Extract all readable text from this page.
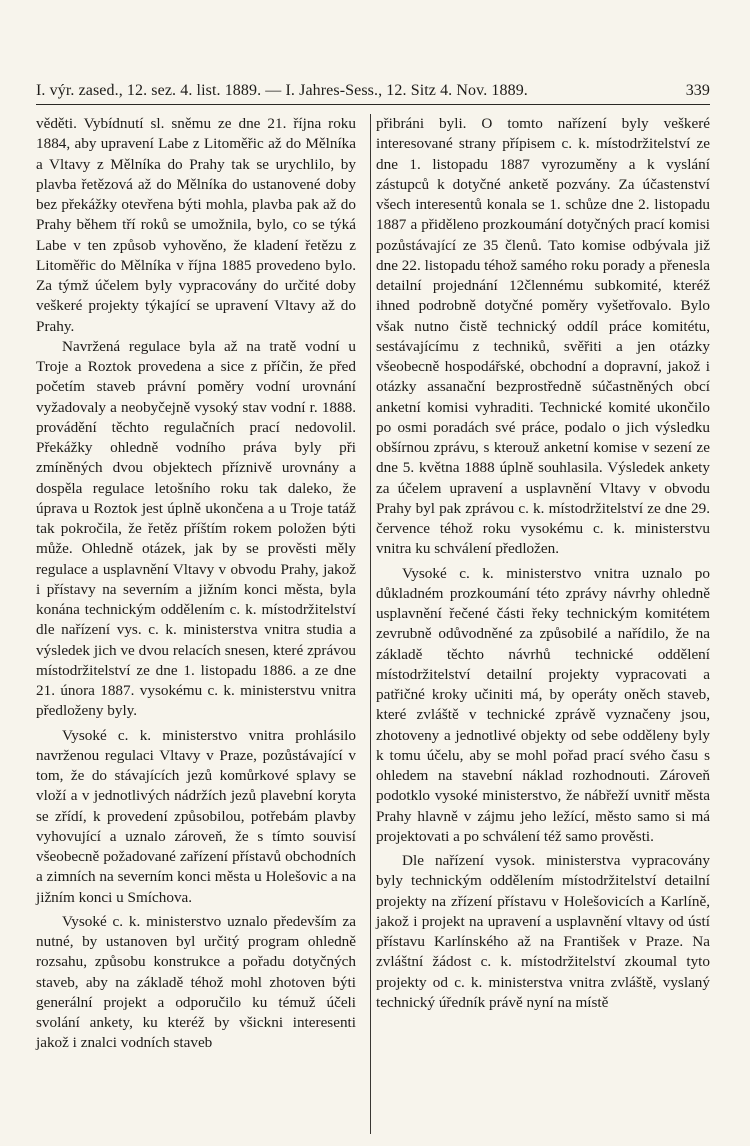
I. výr. zased., 12. sez. 4. list. 1889. — I. Jahres-Sess., 12. Sitz 4. Nov. 1889.	339

věděti. Vybídnutí sl. sněmu ze dne 21. října roku 1884, aby upravení Labe z Litoměřic až do Mělníka a Vltavy z Mělníka do Prahy tak se urychlilo, by plavba řetězová až do Mělníka do ustanovené doby bez překážky otevřena býti mohla, plavba pak až do Prahy během tří roků se umožnila, bylo, co se týká Labe v ten způsob vyhověno, že kladení řetězu z Litoměřic do Mělníka v října 1885 provedeno bylo. Za týmž účelem byly vypracovány do určité doby veškeré projekty týkající se upravení Vltavy až do Prahy.

Navržená regulace byla až na tratě vodní u Troje a Roztok provedena a sice z příčin, že před početím staveb právní poměry vodní urovnání vyžadovaly a neobyčejně vysoký stav vodní r. 1888. provádění těchto regulačních prací nedovolil. Překážky ohledně vodního práva byly při zmíněných dvou objektech příznivě urovnány a dospěla regulace letošního roku tak daleko, že úprava u Roztok jest úplně ukončena a u Troje tatáž tak pokročila, že řetěz příštím rokem položen býti může. Ohledně otázek, jak by se prověsti měly regulace a usplavnění Vltavy v obvodu Prahy, jakož i přístavy na severním a jižním konci města, byla konána technickým oddělením c. k. místodržitelství dle nařízení vys. c. k. ministerstva vnitra studia a výsledek jich ve dvou relacích snesen, které zprávou místodržitelství ze dne 1. listopadu 1886. a ze dne 21. února 1887. vysokému c. k. ministerstvu vnitra předloženy byly.

Vysoké c. k. ministerstvo vnitra prohlásilo navrženou regulaci Vltavy v Praze, pozůstávající v tom, že do stávajících jezů komůrkové splavy se vloží a v jednotlivých nádržích jezů plavební koryta se zřídí, k provedení způsobilou, potřebám plavby vyhovující a uznalo zároveň, že s tímto souvisí všeobecně požadované zařízení přístavů obchodních a zimních na severním konci města u Holešovic a na jižním konci u Smíchova.

Vysoké c. k. ministerstvo uznalo především za nutné, by ustanoven byl určitý program ohledně rozsahu, způsobu konstrukce a pořadu dotyčných staveb, aby na základě téhož mohl zhotoven býti generální projekt a odporučilo ku témuž účeli svolání ankety, ku kteréž by všickni interesenti jakož i znalci vodních staveb

přibráni byli. O tomto nařízení byly veškeré interesované strany přípisem c. k. místodržitelství ze dne 1. listopadu 1887 vyrozuměny a k vyslání zástupců k dotyčné anketě pozvány. Za účastenství všech interesentů konala se 1. schůze dne 2. listopadu 1887 a přiděleno prozkoumání dotyčných prací komisi pozůstávající ze 35 členů. Tato komise odbývala již dne 22. listopadu téhož samého roku porady a přenesla detailní projednání 12člennému subkomité, kteréž ihned podrobně dotyčné poměry vyšetřovalo. Bylo však nutno čistě technický oddíl práce komitétu, sestávajícímu z techniků, svěřiti a jen otázky všeobecně hospodářské, obchodní a dopravní, jakož i otázky assanační bezprostředně súčastněných obcí anketní komisi vyhraditi. Technické komité ukončilo po osmi poradách své práce, podalo o jich výsledku obšírnou zprávu, s kterouž anketní komise v sezení ze dne 5. května 1888 úplně souhlasila. Výsledek ankety za účelem upravení a usplavnění Vltavy v obvodu Prahy byl pak zprávou c. k. místodržitelství ze dne 29. července téhož roku vysokému c. k. ministerstvu vnitra ku schválení předložen.

Vysoké c. k. ministerstvo vnitra uznalo po důkladném prozkoumání této zprávy návrhy ohledně usplavnění řečené části řeky technickým komitétem zevrubně odůvodněné za způsobilé a nařídilo, že na základě těchto návrhů technické oddělení místodržitelství detailní projekty vypracovati a patřičné kroky učiniti má, by operáty oněch staveb, které zvláště v technické zprávě vyznačeny jsou, zhotoveny a jednotlivé objekty od sebe odděleny byly k tomu účelu, aby se mohl pořad prací svého času s ohledem na stavební náklad rozhodnouti. Zároveň podotklo vysoké ministerstvo, že nábřeží uvnitř města Prahy hlavně v zájmu jeho ležící, město samo si má projektovati a po schválení též samo prověsti.

Dle nařízení vysok. ministerstva vypracovány byly technickým oddělením místodržitelství detailní projekty na zřízení přístavu v Holešovicích a Karlíně, jakož i projekt na upravení a usplavnění vltavy od ústí přístavu Karlínského až na František v Praze. Na zvláštní žádost c. k. místodržitelství zkoumal tyto projekty od c. k. ministerstva vnitra zvláště, vyslaný technický úředník právě nyní na místě
